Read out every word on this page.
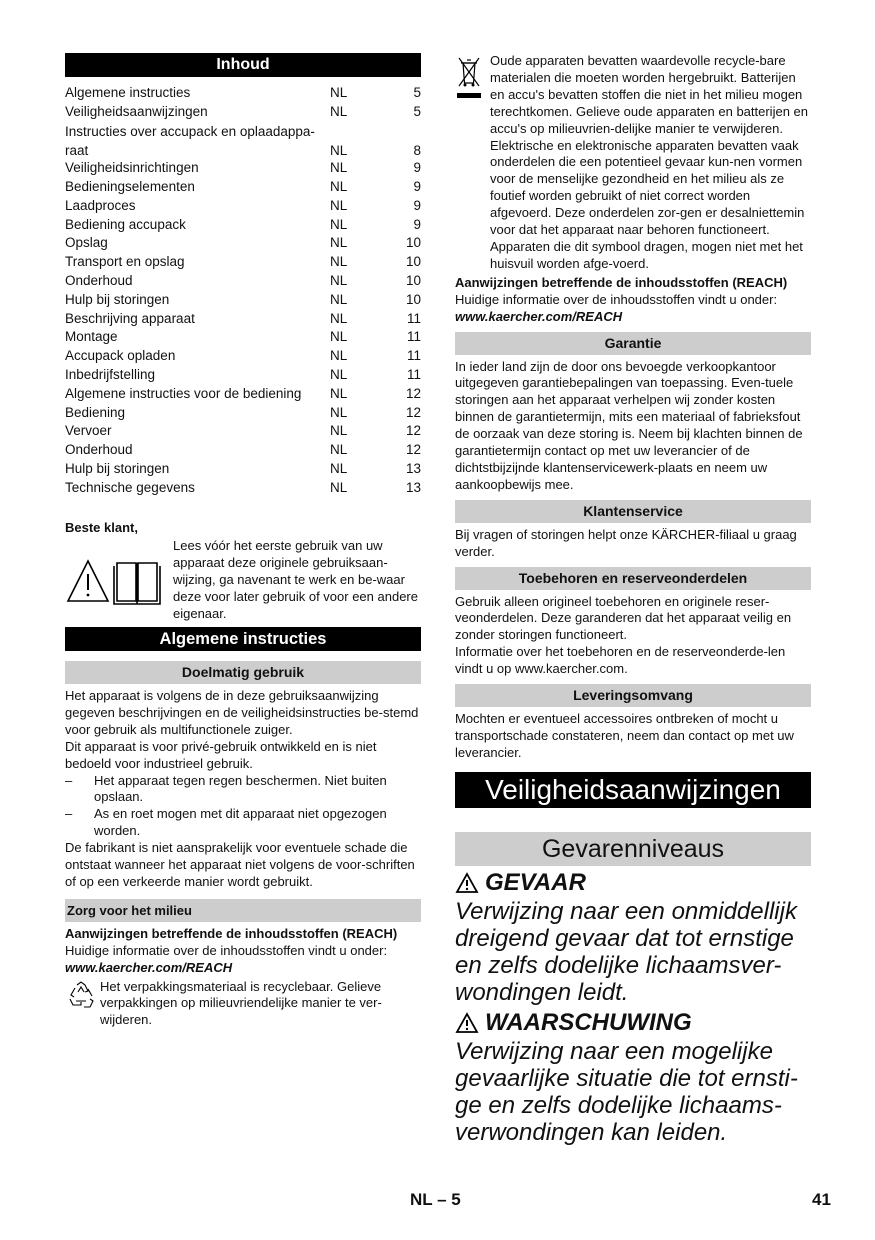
Inhoud
Algemene instructies	NL	5
Veiligheidsaanwijzingen	NL	5
Instructies over accupack en oplaadappa-		
raat	NL	8
Veiligheidsinrichtingen	NL	9
Bedieningselementen	NL	9
Laadproces	NL	9
Bediening accupack	NL	9
Opslag	NL	10
Transport en opslag	NL	10
Onderhoud	NL	10
Hulp bij storingen	NL	10
Beschrijving apparaat	NL	11
Montage	NL	11
Accupack opladen	NL	11
Inbedrijfstelling	NL	11
Algemene instructies voor de bediening	NL	12
Bediening	NL	12
Vervoer	NL	12
Onderhoud	NL	12
Hulp bij storingen	NL	13
Technische gegevens	NL	13

Beste klant,

Lees vóór het eerste gebruik van uw apparaat deze originele gebruiksaan-wijzing, ga navenant te werk en be-waar deze voor later gebruik of voor een andere eigenaar.

Algemene instructies
Doelmatig gebruik

Het apparaat is volgens de in deze gebruiksaanwijzing gegeven beschrijvingen en de veiligheidsinstructies be-stemd voor gebruik als multifunctionele zuiger.

Dit apparaat is voor privé-gebruik ontwikkeld en is niet bedoeld voor industrieel gebruik.

– Het apparaat tegen regen beschermen. Niet buiten opslaan.
– As en roet mogen met dit apparaat niet opgezogen worden.

De fabrikant is niet aansprakelijk voor eventuele schade die ontstaat wanneer het apparaat niet volgens de voor-schriften of op een verkeerde manier wordt gebruikt.

Zorg voor het milieu

Aanwijzingen betreffende de inhoudsstoffen (REACH)

Huidige informatie over de inhoudsstoffen vindt u onder:

www.kaercher.com/REACH

Het verpakkingsmateriaal is recyclebaar. Gelieve verpakkingen op milieuvriendelijke manier te ver-wijderen.

Oude apparaten bevatten waardevolle recycle-bare materialen die moeten worden hergebruikt. Batterijen en accu's bevatten stoffen die niet in het milieu mogen terechtkomen. Gelieve oude apparaten en batterijen en accu's op milieuvrien-delijke manier te verwijderen.

Elektrische en elektronische apparaten bevatten vaak onderdelen die een potentieel gevaar kun-nen vormen voor de menselijke gezondheid en het milieu als ze foutief worden gebruikt of niet correct worden afgevoerd. Deze onderdelen zor-gen er desalniettemin voor dat het apparaat naar behoren functioneert. Apparaten die dit symbool dragen, mogen niet met het huisvuil worden afge-voerd.

Aanwijzingen betreffende de inhoudsstoffen (REACH)

Huidige informatie over de inhoudsstoffen vindt u onder:

www.kaercher.com/REACH

Garantie

In ieder land zijn de door ons bevoegde verkoopkantoor uitgegeven garantiebepalingen van toepassing. Even-tuele storingen aan het apparaat verhelpen wij zonder kosten binnen de garantietermijn, mits een materiaal of fabrieksfout de oorzaak van deze storing is. Neem bij klachten binnen de garantietermijn contact op met uw leverancier of de dichtstbijzijnde klantenservicewerk-plaats en neem uw aankoopbewijs mee.

Klantenservice

Bij vragen of storingen helpt onze KÄRCHER-filiaal u graag verder.

Toebehoren en reserveonderdelen

Gebruik alleen origineel toebehoren en originele reser-veonderdelen. Deze garanderen dat het apparaat veilig en zonder storingen functioneert.

Informatie over het toebehoren en de reserveonderde-len vindt u op www.kaercher.com.

Leveringsomvang

Mochten er eventueel accessoires ontbreken of mocht u transportschade constateren, neem dan contact op met uw leverancier.

Veiligheidsaanwijzingen
Gevarenniveaus
GEVAAR
Verwijzing naar een onmiddellijk dreigend gevaar dat tot ernstige en zelfs dodelijke lichaamsver-wondingen leidt.
WAARSCHUWING
Verwijzing naar een mogelijke gevaarlijke situatie die tot ernsti-ge en zelfs dodelijke lichaams-verwondingen kan leiden.
NL – 5	41
